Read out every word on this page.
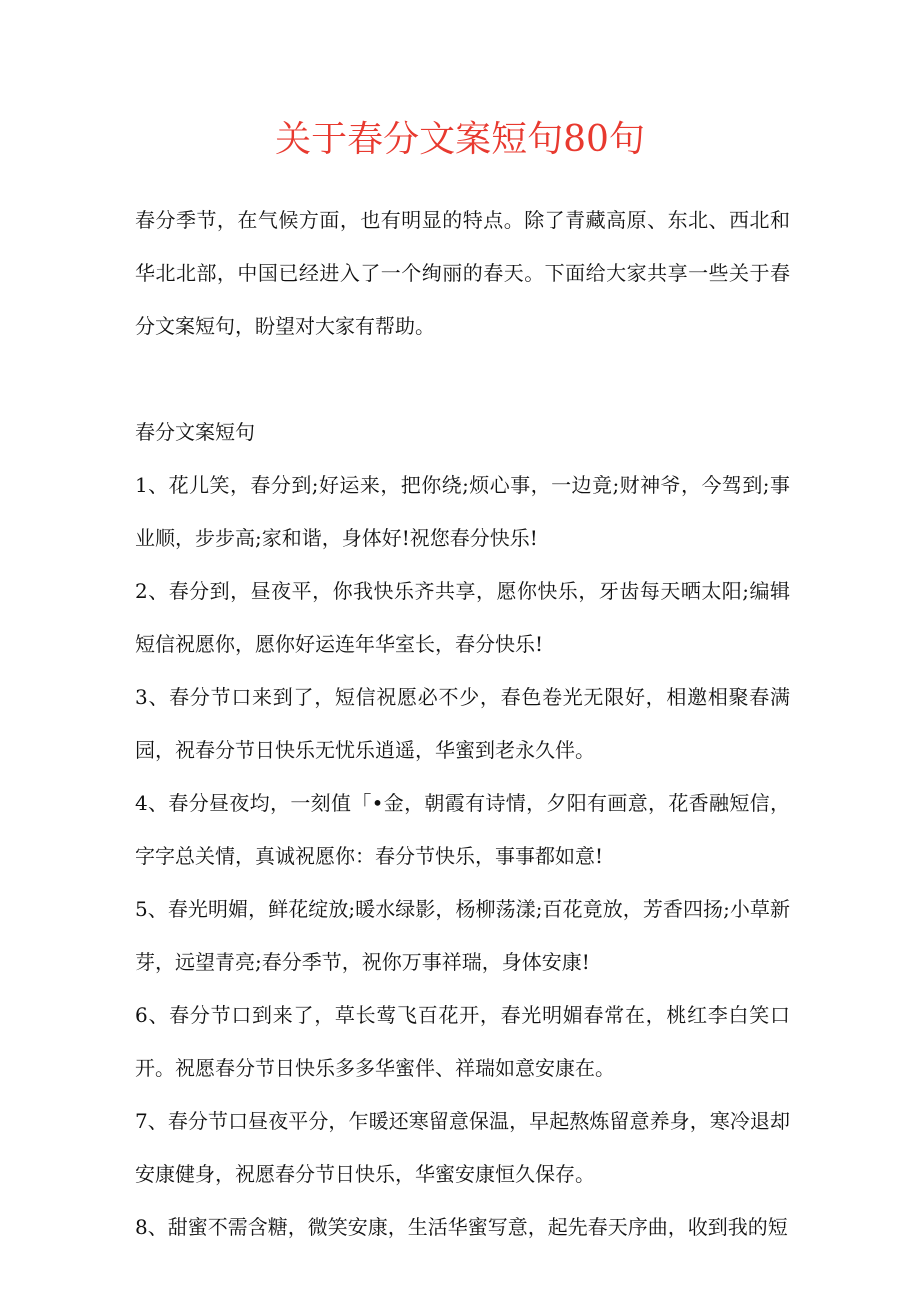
关于春分文案短句80句

春分季节，在气候方面，也有明显的特点。除了青藏高原、东北、西北和华北北部，中国已经进入了一个绚丽的春天。下面给大家共享一些关于春分文案短句，盼望对大家有帮助。

春分文案短句

1、花儿笑，春分到;好运来，把你绕;烦心事，一边竟;财神爷，今驾到;事业顺，步步高;家和谐，身体好!祝您春分快乐!

2、春分到，昼夜平，你我快乐齐共享，愿你快乐，牙齿每天晒太阳;编辑短信祝愿你，愿你好运连年华室长，春分快乐!

3、春分节口来到了，短信祝愿必不少，春色卷光无限好，相邀相聚春满园，祝春分节日快乐无忧乐逍遥，华蜜到老永久伴。

4、春分昼夜均，一刻值「•金，朝霞有诗情，夕阳有画意，花香融短信，字字总关情，真诚祝愿你：春分节快乐，事事都如意!

5、春光明媚，鲜花绽放;暖水绿影，杨柳荡漾;百花竟放，芳香四扬;小草新芽，远望青亮;春分季节，祝你万事祥瑞，身体安康!

6、春分节口到来了，草长莺飞百花开，春光明媚春常在，桃红李白笑口开。祝愿春分节日快乐多多华蜜伴、祥瑞如意安康在。

7、春分节口昼夜平分，乍暖还寒留意保温，早起熬炼留意养身，寒冷退却安康健身，祝愿春分节日快乐，华蜜安康恒久保存。

8、甜蜜不需含糖，微笑安康，生活华蜜写意，起先春天序曲，收到我的短
